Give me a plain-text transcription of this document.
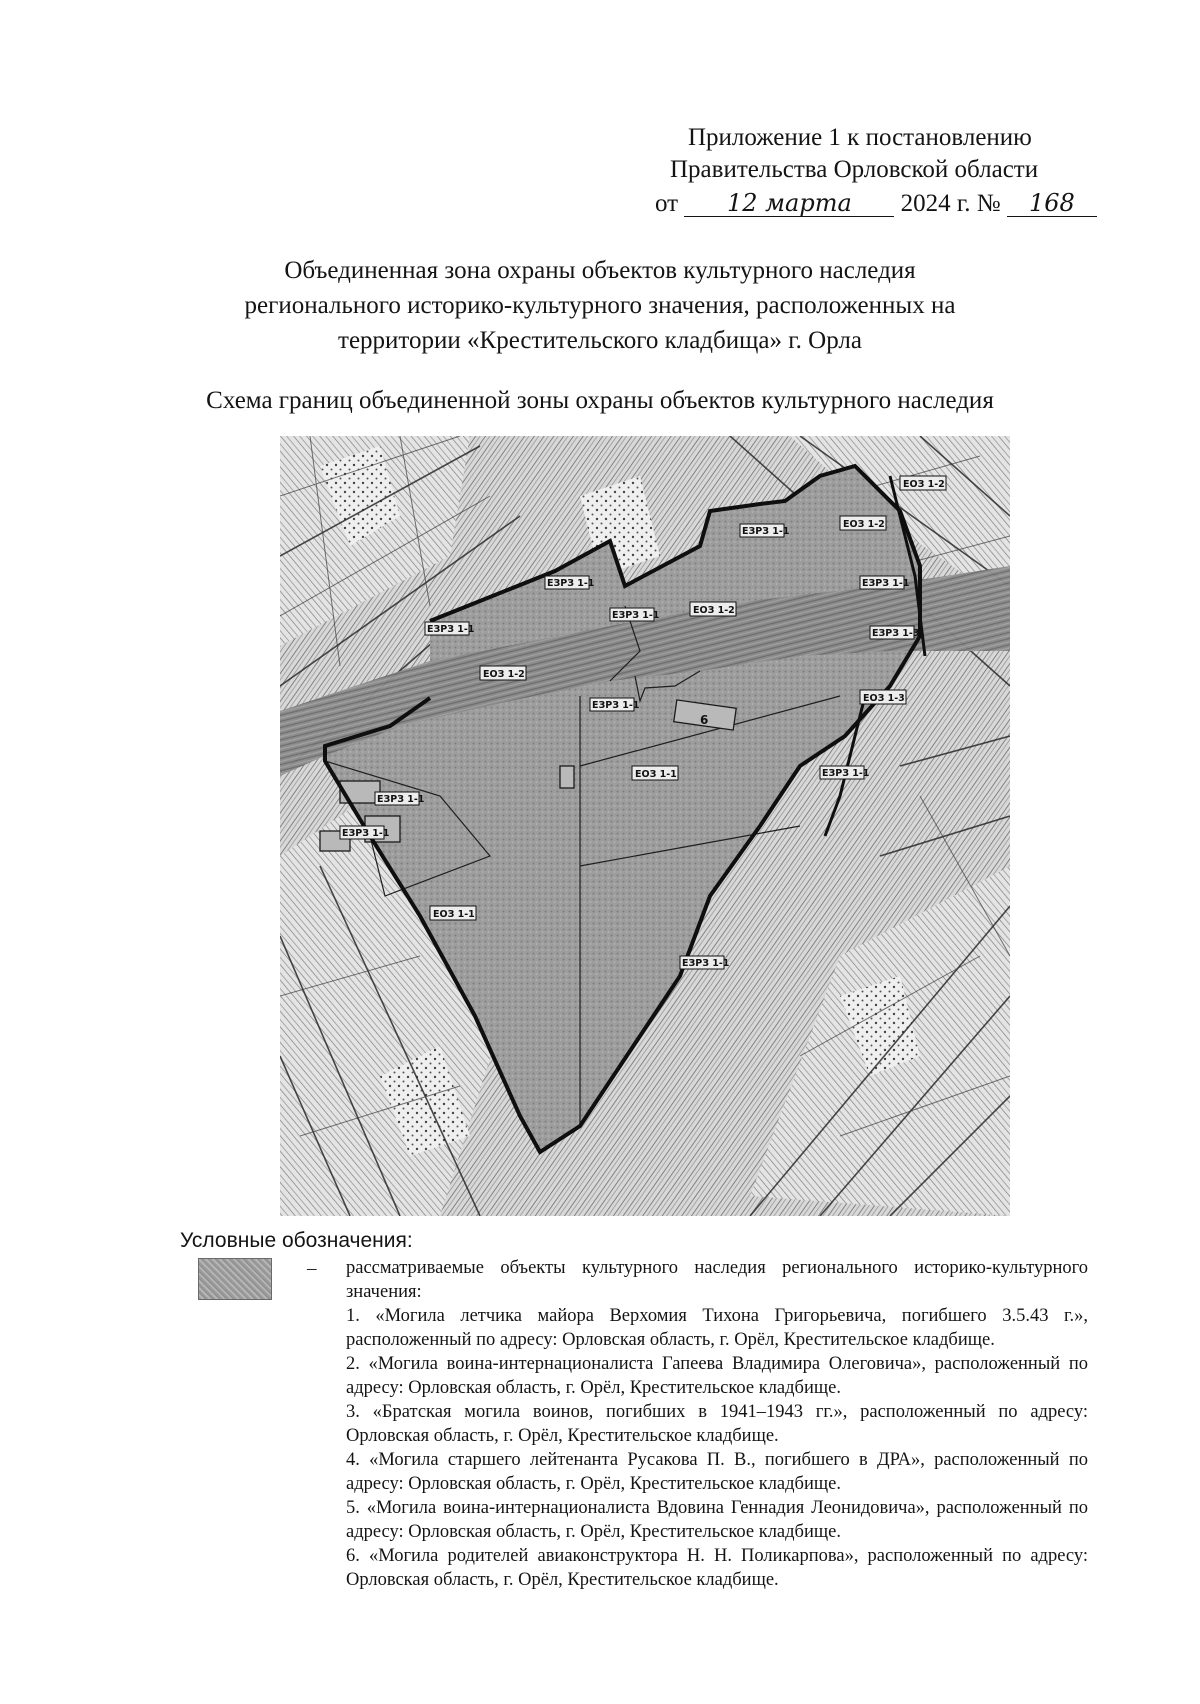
Приложение 1 к постановлению
Правительства Орловской области
от 12 марта 2024 г. № 168
Объединенная зона охраны объектов культурного наследия
регионального историко-культурного значения, расположенных на
территории «Крестительского кладбища» г. Орла
Схема границ объединенной зоны охраны объектов культурного наследия
ЕОЗ 1-1
ЕОЗ 1-1
ЕОЗ 1-2
ЕОЗ 1-2
ЕОЗ 1-2
ЕОЗ 1-3
ЕЗРЗ 1-1
ЕЗРЗ 1-1
ЕЗРЗ 1-1
ЕЗРЗ 1-1
ЕЗРЗ 1-1
ЕЗРЗ 1-1
ЕЗРЗ 1-1
ЕЗРЗ 1-1
ЕЗРЗ 1-1
ЕЗРЗ 1-1
ЕЗРЗ 1-3
ЕОЗ 1-2
6
Условные обозначения:
– рассматриваемые объекты культурного наследия регионального историко-культурного значения:

1. «Могила летчика майора Верхомия Тихона Григорьевича, погибшего 3.5.43 г.», расположенный по адресу: Орловская область, г. Орёл, Крестительское кладбище.
2. «Могила воина-интернационалиста Гапеева Владимира Олеговича», расположенный по адресу: Орловская область, г. Орёл, Крестительское кладбище.
3. «Братская могила воинов, погибших в 1941–1943 гг.», расположенный по адресу: Орловская область, г. Орёл, Крестительское кладбище.
4. «Могила старшего лейтенанта Русакова П. В., погибшего в ДРА», расположенный по адресу: Орловская область, г. Орёл, Крестительское кладбище.
5. «Могила воина-интернационалиста Вдовина Геннадия Леонидовича», расположенный по адресу: Орловская область, г. Орёл, Крестительское кладбище.
6. «Могила родителей авиаконструктора Н. Н. Поликарпова», расположенный по адресу: Орловская область, г. Орёл, Крестительское кладбище.
